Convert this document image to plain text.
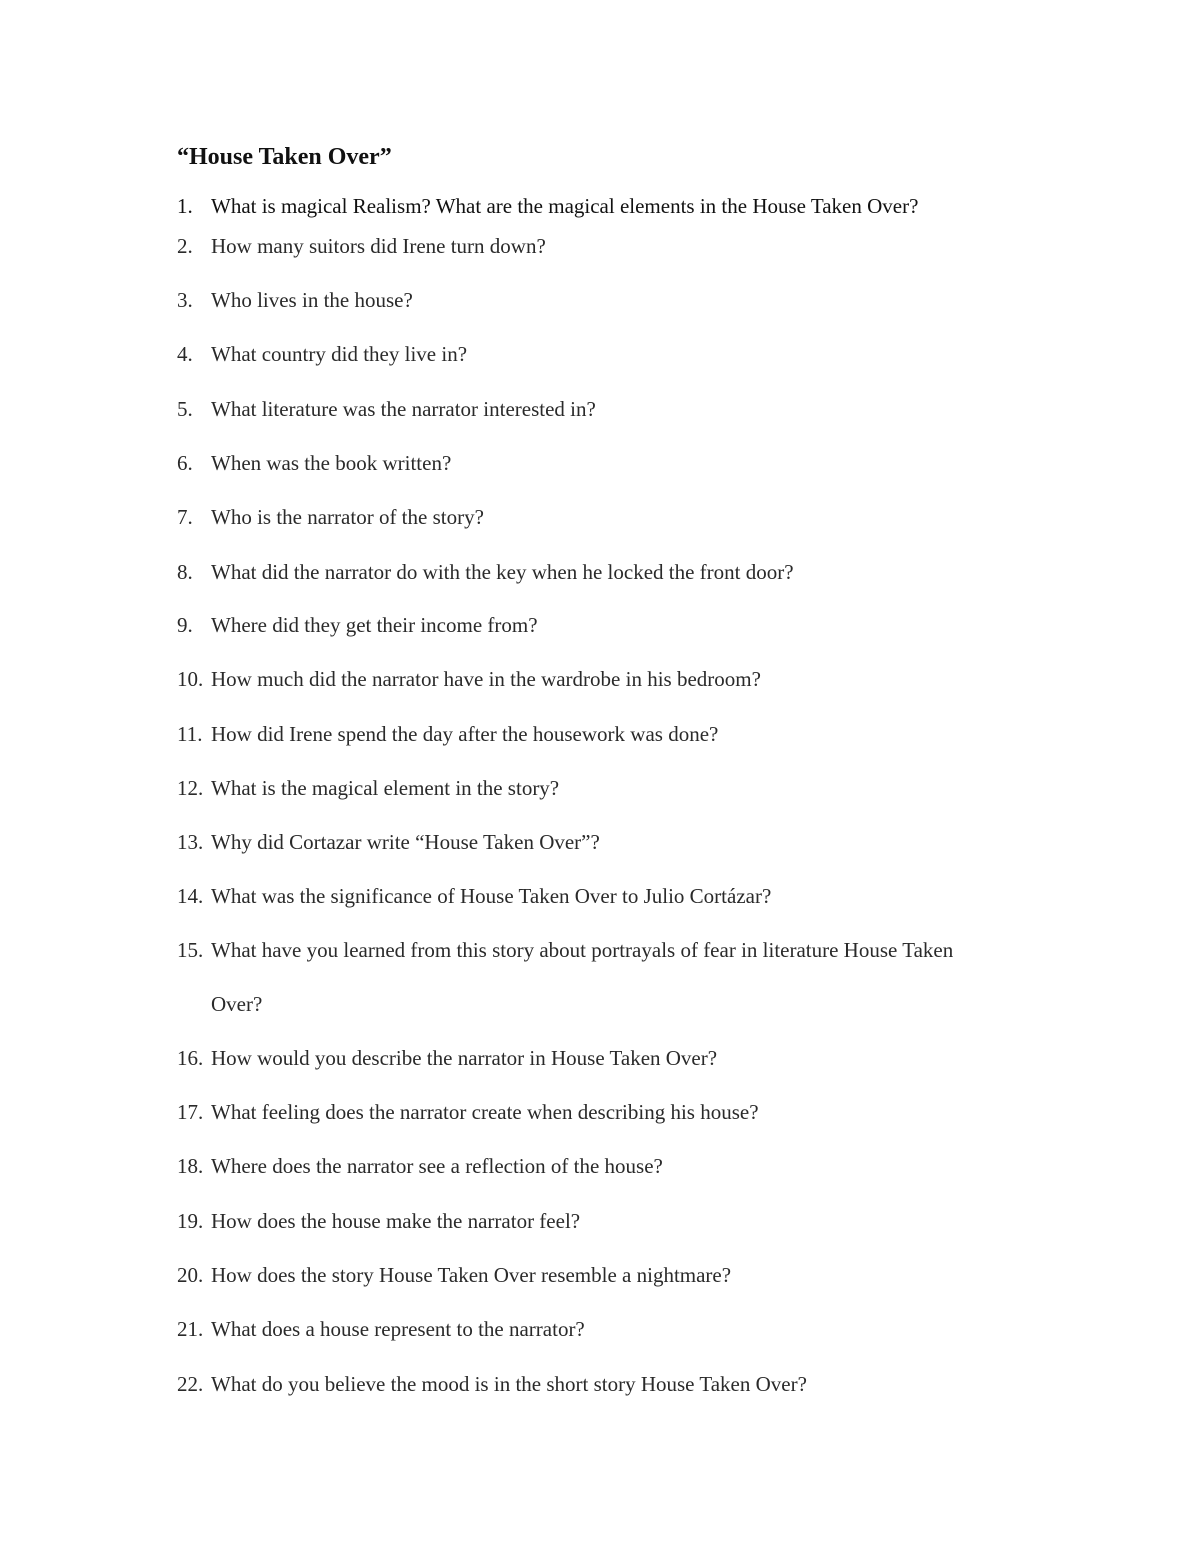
“House Taken Over”
1. What is magical Realism? What are the magical elements in the House Taken Over?
2. How many suitors did Irene turn down?
3. Who lives in the house?
4. What country did they live in?
5. What literature was the narrator interested in?
6. When was the book written?
7. Who is the narrator of the story?
8. What did the narrator do with the key when he locked the front door?
9. Where did they get their income from?
10. How much did the narrator have in the wardrobe in his bedroom?
11. How did Irene spend the day after the housework was done?
12. What is the magical element in the story?
13. Why did Cortazar write “House Taken Over”?
14. What was the significance of House Taken Over to Julio Cortázar?
15. What have you learned from this story about portrayals of fear in literature House Taken
Over?
16. How would you describe the narrator in House Taken Over?
17. What feeling does the narrator create when describing his house?
18. Where does the narrator see a reflection of the house?
19. How does the house make the narrator feel?
20. How does the story House Taken Over resemble a nightmare?
21. What does a house represent to the narrator?
22. What do you believe the mood is in the short story House Taken Over?
